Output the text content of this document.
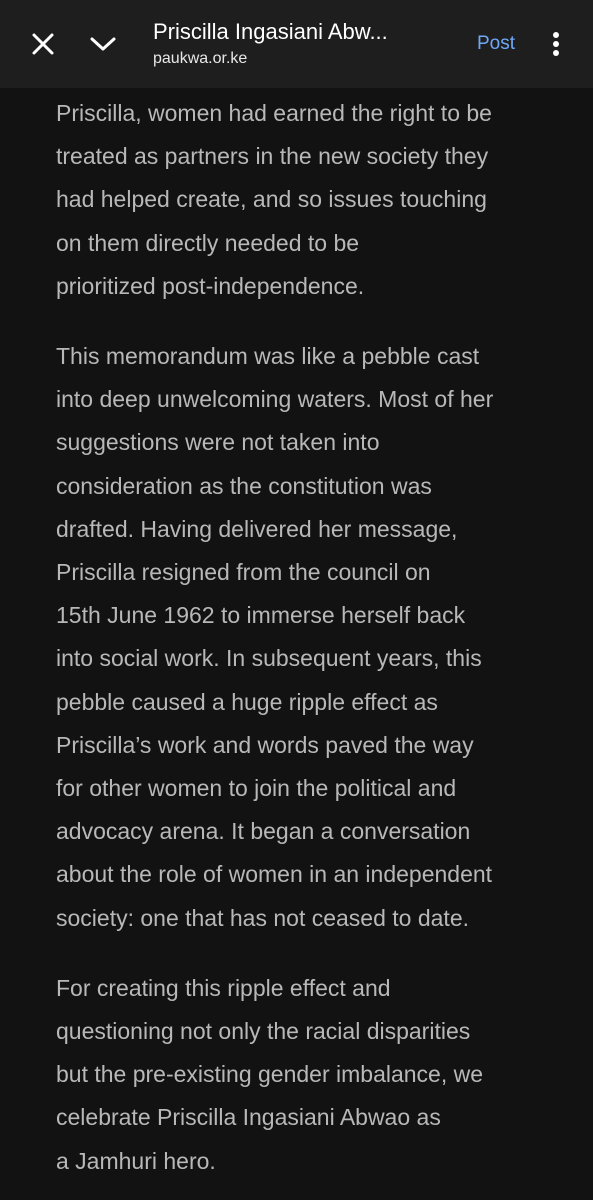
Priscilla Ingasiani Abw...
paukwa.or.ke
Post

Priscilla, women had earned the right to be
treated as partners in the new society they
had helped create, and so issues touching
on them directly needed to be
prioritized post-independence.

This memorandum was like a pebble cast
into deep unwelcoming waters. Most of her
suggestions were not taken into
consideration as the constitution was
drafted. Having delivered her message,
Priscilla resigned from the council on
15th June 1962 to immerse herself back
into social work. In subsequent years, this
pebble caused a huge ripple effect as
Priscilla’s work and words paved the way
for other women to join the political and
advocacy arena. It began a conversation
about the role of women in an independent
society: one that has not ceased to date.

For creating this ripple effect and
questioning not only the racial disparities
but the pre-existing gender imbalance, we
celebrate Priscilla Ingasiani Abwao as
a Jamhuri hero.
